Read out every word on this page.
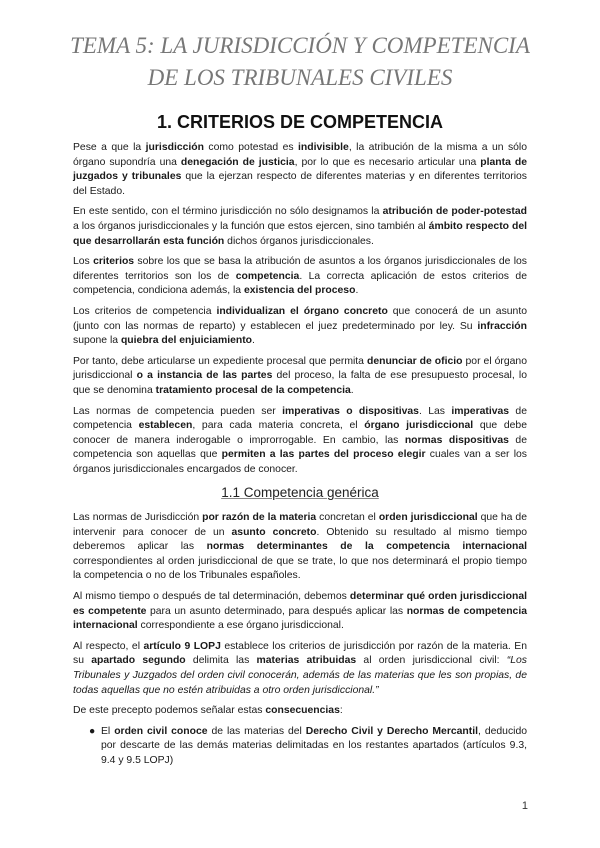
TEMA 5: LA JURISDICCIÓN Y COMPETENCIA
DE LOS TRIBUNALES CIVILES
1. CRITERIOS DE COMPETENCIA

Pese a que la jurisdicción como potestad es indivisible, la atribución de la misma a un sólo órgano supondría una denegación de justicia, por lo que es necesario articular una planta de juzgados y tribunales que la ejerzan respecto de diferentes materias y en diferentes territorios del Estado.

En este sentido, con el término jurisdicción no sólo designamos la atribución de poder-potestad a los órganos jurisdiccionales y la función que estos ejercen, sino también al ámbito respecto del que desarrollarán esta función dichos órganos jurisdiccionales.

Los criterios sobre los que se basa la atribución de asuntos a los órganos jurisdiccionales de los diferentes territorios son los de competencia. La correcta aplicación de estos criterios de competencia, condiciona además, la existencia del proceso.

Los criterios de competencia individualizan el órgano concreto que conocerá de un asunto (junto con las normas de reparto) y establecen el juez predeterminado por ley. Su infracción supone la quiebra del enjuiciamiento.

Por tanto, debe articularse un expediente procesal que permita denunciar de oficio por el órgano jurisdiccional o a instancia de las partes del proceso, la falta de ese presupuesto procesal, lo que se denomina tratamiento procesal de la competencia.

Las normas de competencia pueden ser imperativas o dispositivas. Las imperativas de competencia establecen, para cada materia concreta, el órgano jurisdiccional que debe conocer de manera inderogable o improrrogable. En cambio, las normas dispositivas de competencia son aquellas que permiten a las partes del proceso elegir cuales van a ser los órganos jurisdiccionales encargados de conocer.

1.1 Competencia genérica

Las normas de Jurisdicción por razón de la materia concretan el orden jurisdiccional que ha de intervenir para conocer de un asunto concreto. Obtenido su resultado al mismo tiempo deberemos aplicar las normas determinantes de la competencia internacional correspondientes al orden jurisdiccional de que se trate, lo que nos determinará el propio tiempo la competencia o no de los Tribunales españoles.

Al mismo tiempo o después de tal determinación, debemos determinar qué orden jurisdiccional es competente para un asunto determinado, para después aplicar las normas de competencia internacional correspondiente a ese órgano jurisdiccional.

Al respecto, el artículo 9 LOPJ establece los criterios de jurisdicción por razón de la materia. En su apartado segundo delimita las materias atribuidas al orden jurisdiccional civil: “Los Tribunales y Juzgados del orden civil conocerán, además de las materias que les son propias, de todas aquellas que no estén atribuidas a otro orden jurisdiccional.”

De este precepto podemos señalar estas consecuencias:

● El orden civil conoce de las materias del Derecho Civil y Derecho Mercantil, deducido por descarte de las demás materias delimitadas en los restantes apartados (artículos 9.3, 9.4 y 9.5 LOPJ)
1
